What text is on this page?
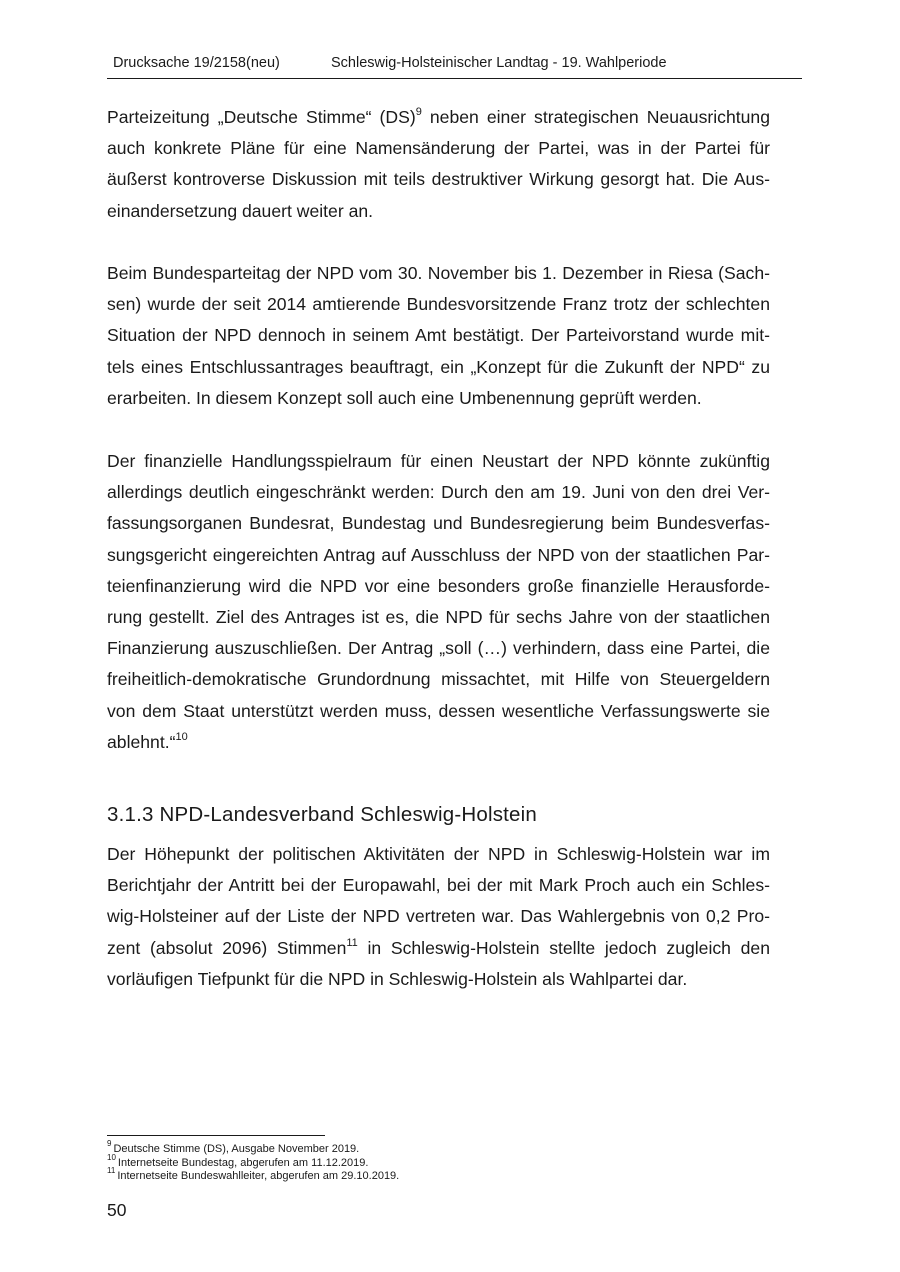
Drucksache 19/2158(neu)	Schleswig-Holsteinischer Landtag - 19. Wahlperiode

Parteizeitung „Deutsche Stimme“ (DS)$^9$ neben einer strategischen Neuausrichtung
auch konkrete Pläne für eine Namensänderung der Partei, was in der Partei für
äußerst kontroverse Diskussion mit teils destruktiver Wirkung gesorgt hat. Die Aus-
einandersetzung dauert weiter an.

Beim Bundesparteitag der NPD vom 30. November bis 1. Dezember in Riesa (Sach-
sen) wurde der seit 2014 amtierende Bundesvorsitzende Franz trotz der schlechten
Situation der NPD dennoch in seinem Amt bestätigt. Der Parteivorstand wurde mit-
tels eines Entschlussantrages beauftragt, ein „Konzept für die Zukunft der NPD“ zu
erarbeiten. In diesem Konzept soll auch eine Umbenennung geprüft werden.

Der finanzielle Handlungsspielraum für einen Neustart der NPD könnte zukünftig
allerdings deutlich eingeschränkt werden: Durch den am 19. Juni von den drei Ver-
fassungsorganen Bundesrat, Bundestag und Bundesregierung beim Bundesverfas-
sungsgericht eingereichten Antrag auf Ausschluss der NPD von der staatlichen Par-
teienfinanzierung wird die NPD vor eine besonders große finanzielle Herausforde-
rung gestellt. Ziel des Antrages ist es, die NPD für sechs Jahre von der staatlichen
Finanzierung auszuschließen. Der Antrag „soll (…) verhindern, dass eine Partei, die
freiheitlich-demokratische Grundordnung missachtet, mit Hilfe von Steuergeldern
von dem Staat unterstützt werden muss, dessen wesentliche Verfassungswerte sie
ablehnt.“$^{10}$

3.1.3 NPD-Landesverband Schleswig-Holstein

Der Höhepunkt der politischen Aktivitäten der NPD in Schleswig-Holstein war im
Berichtjahr der Antritt bei der Europawahl, bei der mit Mark Proch auch ein Schles-
wig-Holsteiner auf der Liste der NPD vertreten war. Das Wahlergebnis von 0,2 Pro-
zent (absolut 2096) Stimmen$^{11}$ in Schleswig-Holstein stellte jedoch zugleich den
vorläufigen Tiefpunkt für die NPD in Schleswig-Holstein als Wahlpartei dar.

$^9$ Deutsche Stimme (DS), Ausgabe November 2019.
$^{10}$ Internetseite Bundestag, abgerufen am 11.12.2019.
$^{11}$ Internetseite Bundeswahlleiter, abgerufen am 29.10.2019.
50
